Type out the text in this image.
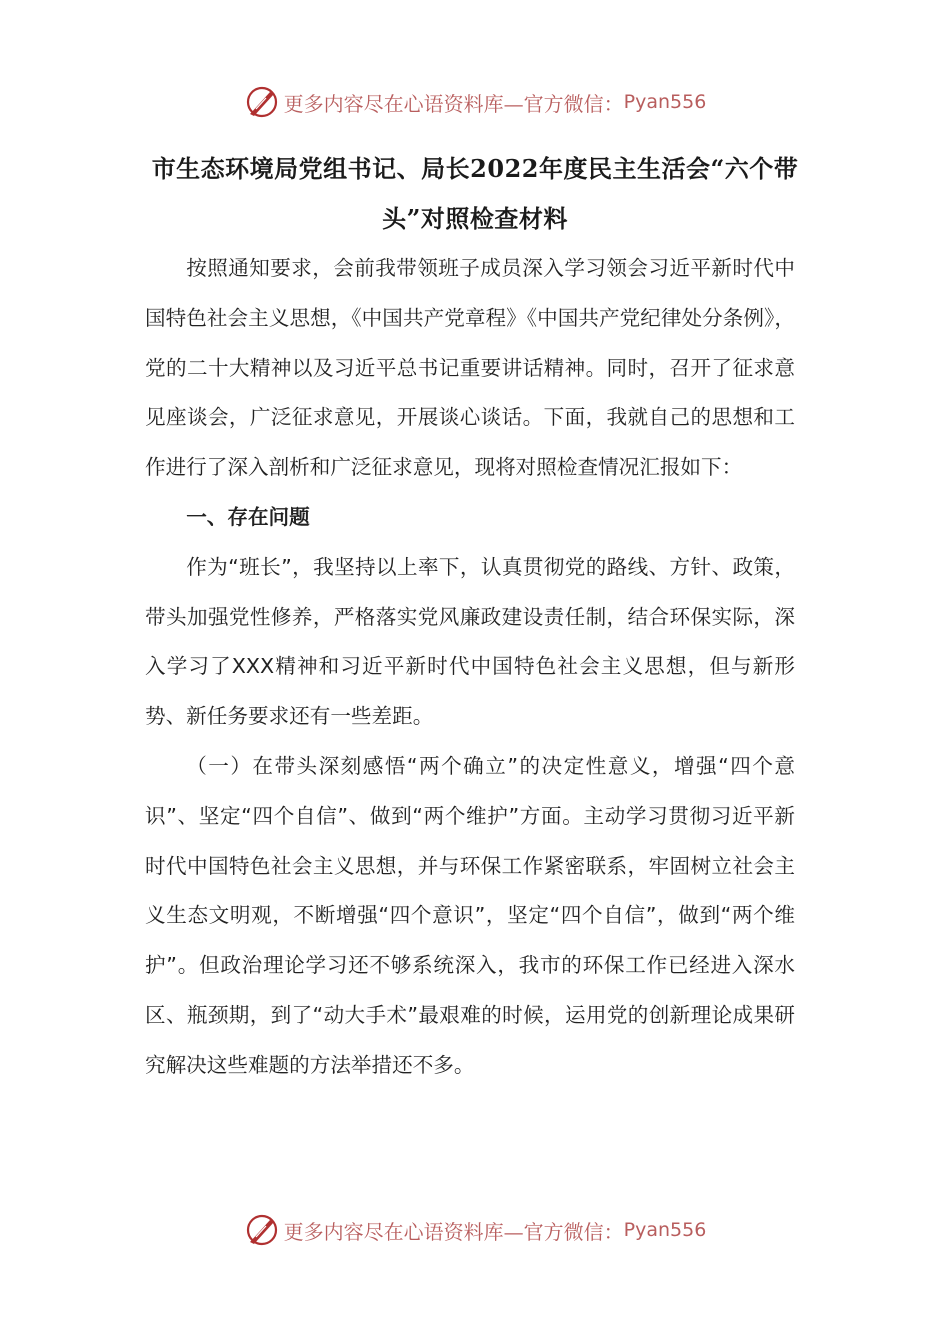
更多内容尽在心语资料库—官方微信： Pyan556
市生态环境局党组书记、局长2022年度民主生活会“六个带头”对照检查材料

按照通知要求，会前我带领班子成员深入学习领会习近平新时代中国特色社会主义思想，《中国共产党章程》《中国共产党纪律处分条例》，党的二十大精神以及习近平总书记重要讲话精神。同时，召开了征求意见座谈会，广泛征求意见，开展谈心谈话。下面，我就自己的思想和工作进行了深入剖析和广泛征求意见，现将对照检查情况汇报如下：

一、存在问题

作为“班长”，我坚持以上率下，认真贯彻党的路线、方针、政策，带头加强党性修养，严格落实党风廉政建设责任制，结合环保实际，深入学习了XXX精神和习近平新时代中国特色社会主义思想，但与新形势、新任务要求还有一些差距。

（一）在带头深刻感悟“两个确立”的决定性意义，增强“四个意识”、坚定“四个自信”、做到“两个维护”方面。主动学习贯彻习近平新时代中国特色社会主义思想，并与环保工作紧密联系，牢固树立社会主义生态文明观，不断增强“四个意识”，坚定“四个自信”，做到“两个维护”。但政治理论学习还不够系统深入，我市的环保工作已经进入深水区、瓶颈期，到了“动大手术”最艰难的时候，运用党的创新理论成果研究解决这些难题的方法举措还不多。

更多内容尽在心语资料库—官方微信： Pyan556
